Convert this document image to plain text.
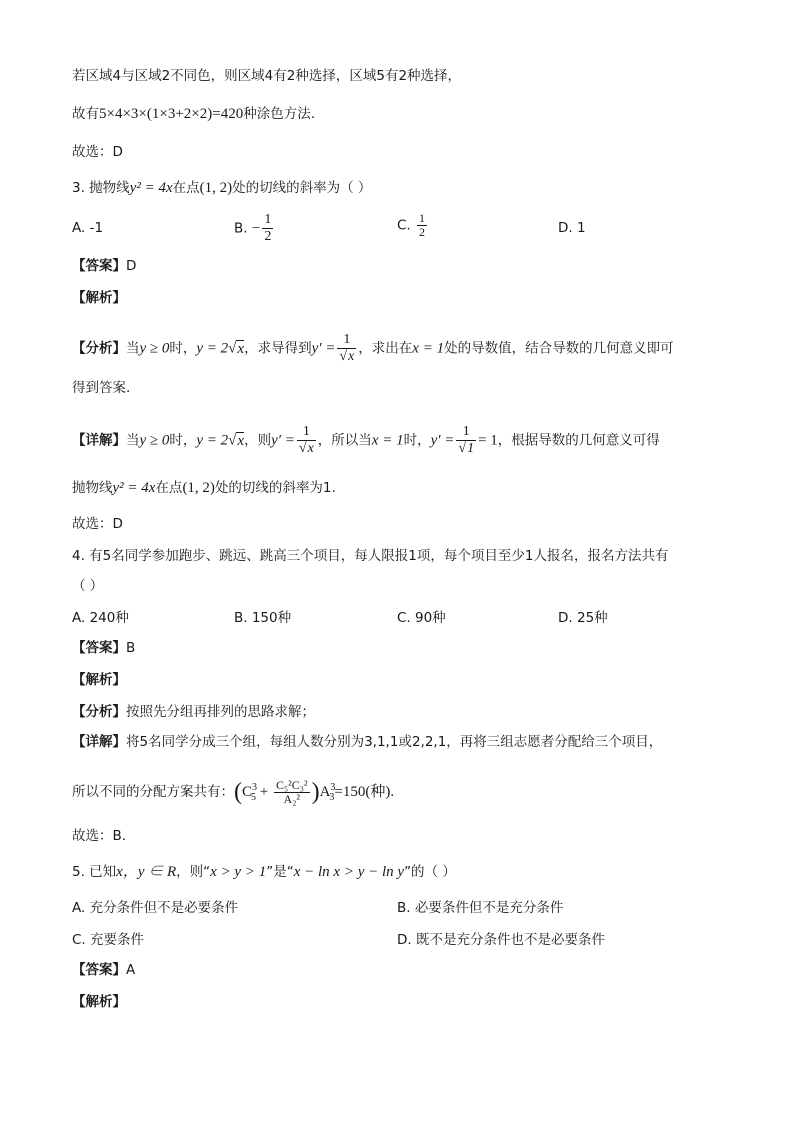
若区域4与区域2不同色，则区域4有2种选择，区域5有2种选择，
故有5×4×3×(1×3+2×2)=420种涂色方法.
故选：D
3. 抛物线y² = 4x在点(1, 2)处的切线的斜率为（ ）
A. -1	B. − $\frac{1}{2}$	C. $\frac{1}{2}$	D. 1
【答案】D
【解析】
【分析】当y ≥ 0时，y = 2√x，求导得到$y' = \frac{1}{√x}$ ，求出在x = 1处的导数值，结合导数的几何意义即可
得到答案.
【详解】当y ≥ 0时，y = 2√x，则$y' = \frac{1}{√x}$ ，所以当x = 1时，$y' = \frac{1}{√1} = 1$，根据导数的几何意义可得
抛物线y² = 4x在点(1, 2)处的切线的斜率为1.
故选：D
4. 有5名同学参加跑步、跳远、跳高三个项目，每人限报1项，每个项目至少1人报名，报名方法共有
（ ）
A. 240种	B. 150种	C. 90种	D. 25种
【答案】B
【解析】
【分析】按照先分组再排列的思路求解；
【详解】将5名同学分成三个组，每组人数分别为3,1,1或2,2,1，再将三组志愿者分配给三个项目，
所以不同的分配方案共有：$(C^3_5 + \frac{\text{C₅²C₃²}}{\text{A₂²}} )A^3_3=150$(种).
故选：B.
5. 已知x，y ∈ R，则“x > y > 1”是“x − ln x > y − ln y”的（ ）
A. 充分条件但不是必要条件	B. 必要条件但不是充分条件
C. 充要条件	D. 既不是充分条件也不是必要条件
【答案】A
【解析】
